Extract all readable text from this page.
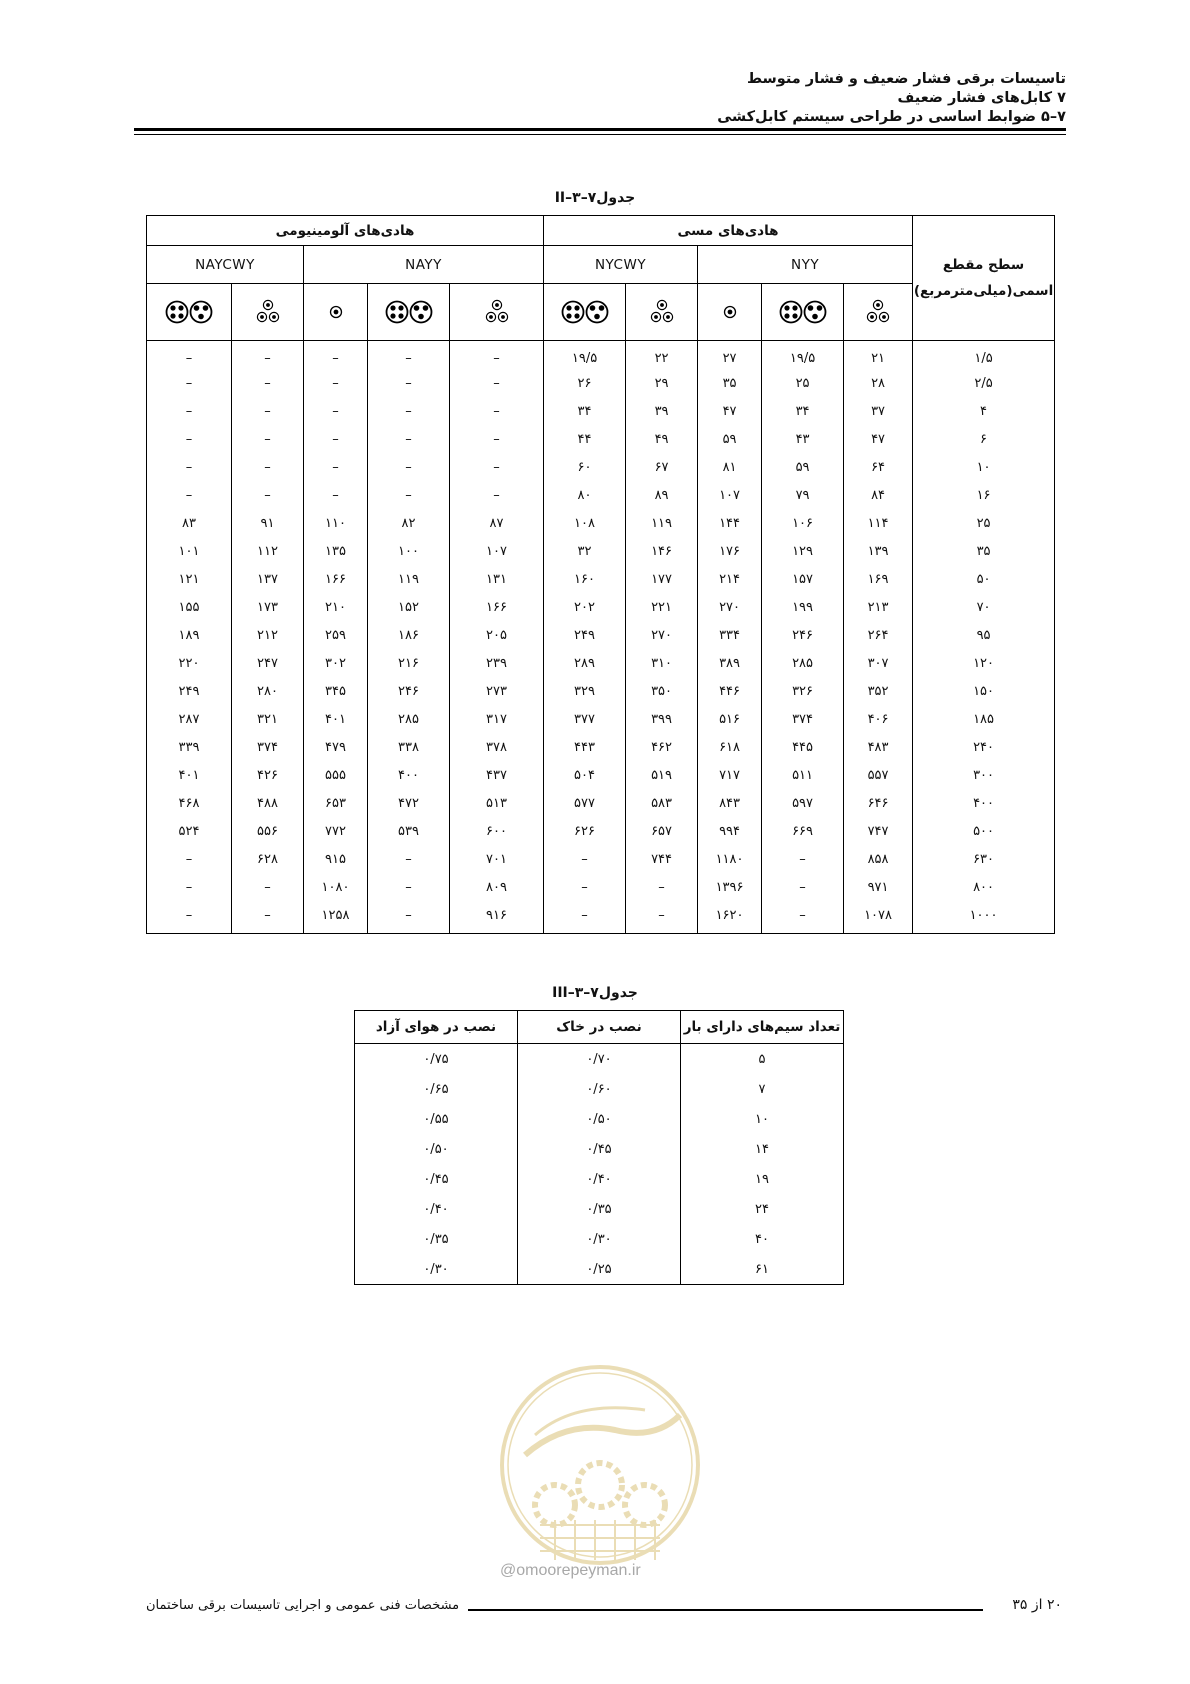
تاسیسات برقی فشار ضعیف و فشار متوسط
۷ کابل‌های فشار ضعیف
۷–۵ ضوابط اساسی در طراحی سیستم کابل‌کشی
جدول۷–۳–II
سطح مقطع
اسمی(میلی‌مترمربع)	هادی‌های مسی					هادی‌های آلومینیومی				
	NYY			NYCWY		NAYY			NAYCWY	

۱/۵	۲۱	۱۹/۵	۲۷	۲۲	۱۹/۵	–	–	–	–	–
۲/۵	۲۸	۲۵	۳۵	۲۹	۲۶	–	–	–	–	–
۴	۳۷	۳۴	۴۷	۳۹	۳۴	–	–	–	–	–
۶	۴۷	۴۳	۵۹	۴۹	۴۴	–	–	–	–	–
۱۰	۶۴	۵۹	۸۱	۶۷	۶۰	–	–	–	–	–
۱۶	۸۴	۷۹	۱۰۷	۸۹	۸۰	–	–	–	–	–
۲۵	۱۱۴	۱۰۶	۱۴۴	۱۱۹	۱۰۸	۸۷	۸۲	۱۱۰	۹۱	۸۳
۳۵	۱۳۹	۱۲۹	۱۷۶	۱۴۶	۳۲	۱۰۷	۱۰۰	۱۳۵	۱۱۲	۱۰۱
۵۰	۱۶۹	۱۵۷	۲۱۴	۱۷۷	۱۶۰	۱۳۱	۱۱۹	۱۶۶	۱۳۷	۱۲۱
۷۰	۲۱۳	۱۹۹	۲۷۰	۲۲۱	۲۰۲	۱۶۶	۱۵۲	۲۱۰	۱۷۳	۱۵۵
۹۵	۲۶۴	۲۴۶	۳۳۴	۲۷۰	۲۴۹	۲۰۵	۱۸۶	۲۵۹	۲۱۲	۱۸۹
۱۲۰	۳۰۷	۲۸۵	۳۸۹	۳۱۰	۲۸۹	۲۳۹	۲۱۶	۳۰۲	۲۴۷	۲۲۰
۱۵۰	۳۵۲	۳۲۶	۴۴۶	۳۵۰	۳۲۹	۲۷۳	۲۴۶	۳۴۵	۲۸۰	۲۴۹
۱۸۵	۴۰۶	۳۷۴	۵۱۶	۳۹۹	۳۷۷	۳۱۷	۲۸۵	۴۰۱	۳۲۱	۲۸۷
۲۴۰	۴۸۳	۴۴۵	۶۱۸	۴۶۲	۴۴۳	۳۷۸	۳۳۸	۴۷۹	۳۷۴	۳۳۹
۳۰۰	۵۵۷	۵۱۱	۷۱۷	۵۱۹	۵۰۴	۴۳۷	۴۰۰	۵۵۵	۴۲۶	۴۰۱
۴۰۰	۶۴۶	۵۹۷	۸۴۳	۵۸۳	۵۷۷	۵۱۳	۴۷۲	۶۵۳	۴۸۸	۴۶۸
۵۰۰	۷۴۷	۶۶۹	۹۹۴	۶۵۷	۶۲۶	۶۰۰	۵۳۹	۷۷۲	۵۵۶	۵۲۴
۶۳۰	۸۵۸	–	۱۱۸۰	۷۴۴	–	۷۰۱	–	۹۱۵	۶۲۸	–
۸۰۰	۹۷۱	–	۱۳۹۶	–	–	۸۰۹	–	۱۰۸۰	–	–
۱۰۰۰	۱۰۷۸	–	۱۶۲۰	–	–	۹۱۶	–	۱۲۵۸	–	–
جدول۷–۳–III
تعداد سیم‌های دارای بار	نصب در خاک	نصب در هوای آزاد
۵	۰/۷۰	۰/۷۵
۷	۰/۶۰	۰/۶۵
۱۰	۰/۵۰	۰/۵۵
۱۴	۰/۴۵	۰/۵۰
۱۹	۰/۴۰	۰/۴۵
۲۴	۰/۳۵	۰/۴۰
۴۰	۰/۳۰	۰/۳۵
۶۱	۰/۲۵	۰/۳۰
@omoorepeyman.ir
مشخصات فنی عمومی و اجرایی تاسیسات برقی ساختمان	۲۰ از ۳۵
